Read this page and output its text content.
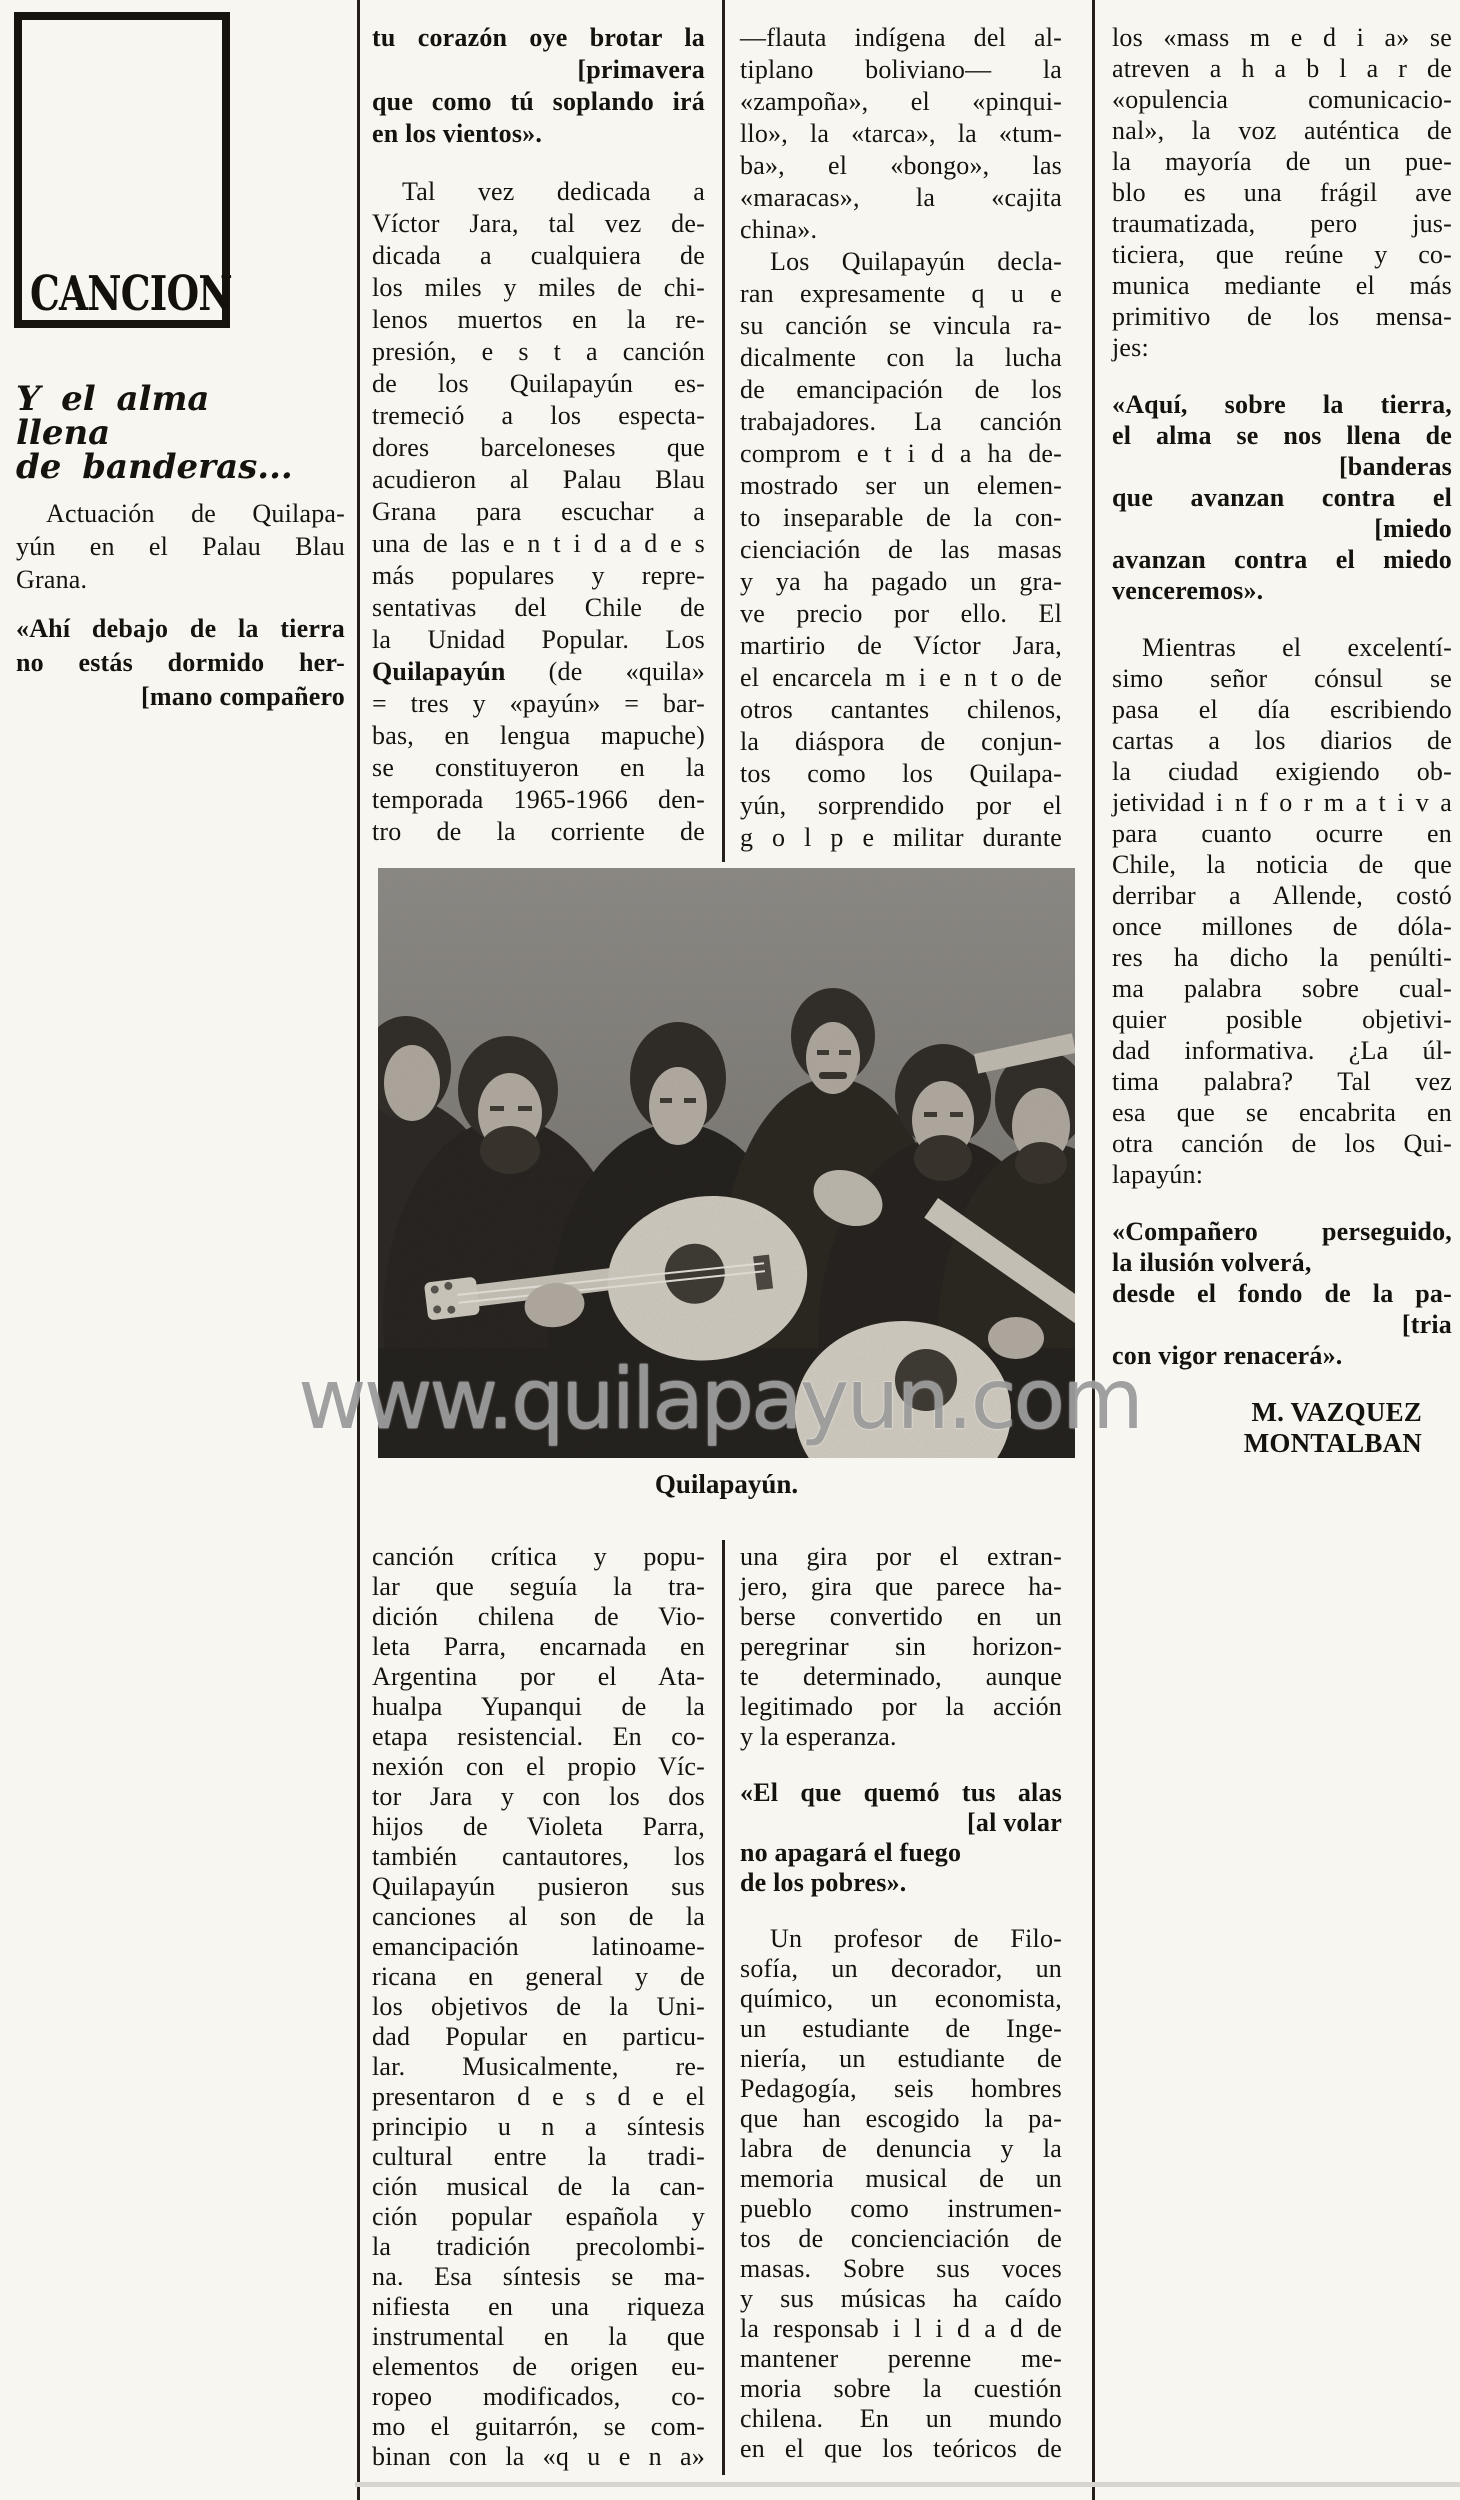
CANCION
Y el alma
llena
de banderas...
Actuación de Quilapa-
yún en el Palau Blau
Grana.
«Ahí debajo de la tierra
no estás dormido her-
[mano compañero
tu corazón oye brotar la
[primavera
que como tú soplando irá
en los vientos».
Tal vez dedicada a
Víctor Jara, tal vez de-
dicada a cualquiera de
los miles y miles de chi-
lenos muertos en la re-
presión, e s t a canción
de los Quilapayún es-
tremeció a los especta-
dores barceloneses que
acudieron al Palau Blau
Grana para escuchar a
una de las e n t i d a d e s
más populares y repre-
sentativas del Chile de
la Unidad Popular. Los
Quilapayún (de «quila»
= tres y «payún» = bar-
bas, en lengua mapuche)
se constituyeron en la
temporada 1965-1966 den-
tro de la corriente de
—flauta indígena del al-
tiplano boliviano— la
«zampoña», el «pinqui-
llo», la «tarca», la «tum-
ba», el «bongo», las
«maracas», la «cajita
china».
Los Quilapayún decla-
ran expresamente q u e
su canción se vincula ra-
dicalmente con la lucha
de emancipación de los
trabajadores. La canción
comprom e t i d a ha de-
mostrado ser un elemen-
to inseparable de la con-
cienciación de las masas
y ya ha pagado un gra-
ve precio por ello. El
martirio de Víctor Jara,
el encarcela m i e n t o de
otros cantantes chilenos,
la diáspora de conjun-
tos como los Quilapa-
yún, sorprendido por el
g o l p e militar durante
los «mass m e d i a» se
atreven a h a b l a r de
«opulencia comunicacio-
nal», la voz auténtica de
la mayoría de un pue-
blo es una frágil ave
traumatizada, pero jus-
ticiera, que reúne y co-
munica mediante el más
primitivo de los mensa-
jes:
«Aquí, sobre la tierra,
el alma se nos llena de
[banderas
que avanzan contra el
[miedo
avanzan contra el miedo
venceremos».
Mientras el excelentí-
simo señor cónsul se
pasa el día escribiendo
cartas a los diarios de
la ciudad exigiendo ob-
jetividad i n f o r m a t i v a
para cuanto ocurre en
Chile, la noticia de que
derribar a Allende, costó
once millones de dóla-
res ha dicho la penúlti-
ma palabra sobre cual-
quier posible objetivi-
dad informativa. ¿La úl-
tima palabra? Tal vez
esa que se encabrita en
otra canción de los Qui-
lapayún:
«Compañero perseguido,
la ilusión volverá,
desde el fondo de la pa-
[tria
con vigor renacerá».
M. VAZQUEZ
MONTALBAN
www.quilapayun.com
Quilapayún.
canción crítica y popu-
lar que seguía la tra-
dición chilena de Vio-
leta Parra, encarnada en
Argentina por el Ata-
hualpa Yupanqui de la
etapa resistencial. En co-
nexión con el propio Víc-
tor Jara y con los dos
hijos de Violeta Parra,
también cantautores, los
Quilapayún pusieron sus
canciones al son de la
emancipación latinoame-
ricana en general y de
los objetivos de la Uni-
dad Popular en particu-
lar. Musicalmente, re-
presentaron d e s d e el
principio u n a síntesis
cultural entre la tradi-
ción musical de la can-
ción popular española y
la tradición precolombi-
na. Esa síntesis se ma-
nifiesta en una riqueza
instrumental en la que
elementos de origen eu-
ropeo modificados, co-
mo el guitarrón, se com-
binan con la «q u e n a»
una gira por el extran-
jero, gira que parece ha-
berse convertido en un
peregrinar sin horizon-
te determinado, aunque
legitimado por la acción
y la esperanza.
«El que quemó tus alas
[al volar
no apagará el fuego
de los pobres».
Un profesor de Filo-
sofía, un decorador, un
químico, un economista,
un estudiante de Inge-
niería, un estudiante de
Pedagogía, seis hombres
que han escogido la pa-
labra de denuncia y la
memoria musical de un
pueblo como instrumen-
tos de concienciación de
masas. Sobre sus voces
y sus músicas ha caído
la responsab i l i d a d de
mantener perenne me-
moria sobre la cuestión
chilena. En un mundo
en el que los teóricos de
